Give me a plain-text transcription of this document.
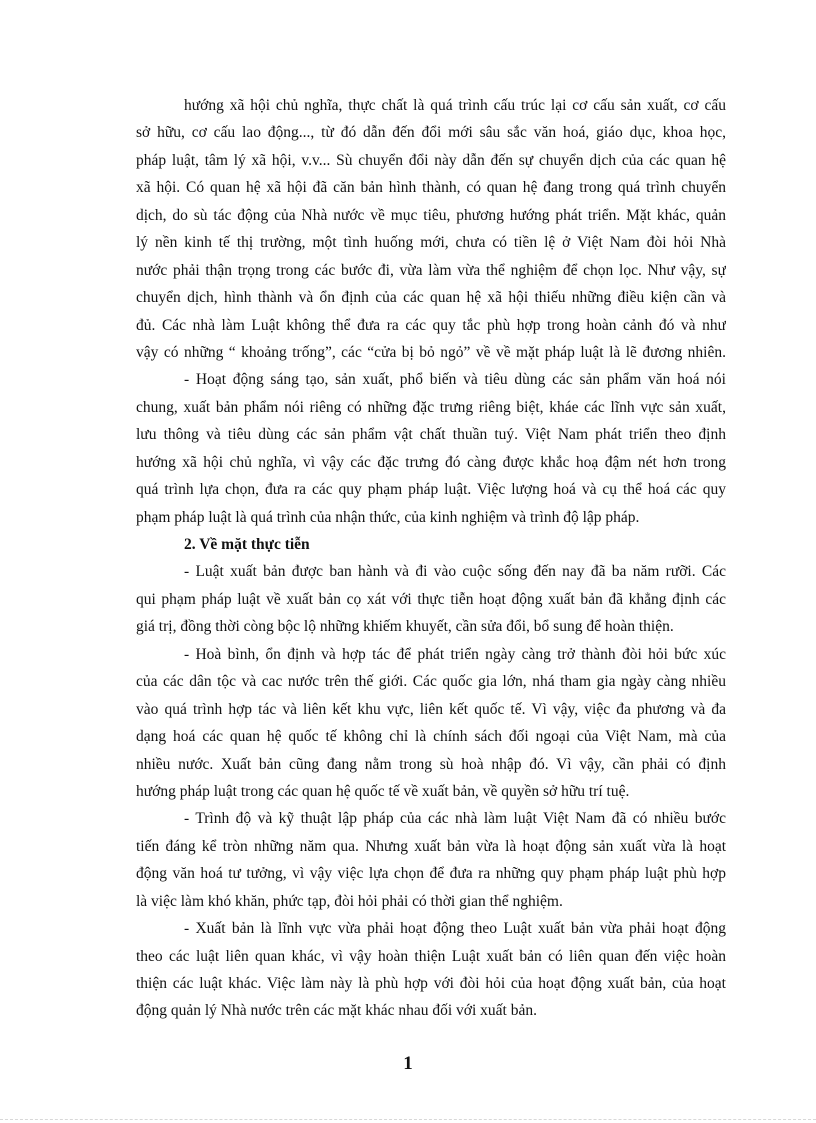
hướng xã hội chủ nghĩa, thực chất là quá trình cấu trúc lại cơ cấu sản xuất, cơ cấu
sở hữu, cơ cấu lao động..., từ đó dẫn đến đổi mới sâu sắc văn hoá, giáo dục, khoa học,
pháp luật, tâm lý xã hội, v.v... Sù chuyển đổi này dẫn đến sự chuyển dịch của các quan hệ
xã hội. Có quan hệ xã hội đã căn bản hình thành, có quan hệ đang trong quá trình chuyển
dịch, do sù tác động của Nhà nước về mục tiêu, phương hướng phát triển. Mặt khác, quản
lý nền kinh tế thị trường, một tình huống mới, chưa có tiền lệ ở Việt Nam đòi hỏi Nhà
nước phải thận trọng trong các bước đi, vừa làm vừa thể nghiệm để chọn lọc. Như vậy, sự
chuyển dịch, hình thành và ổn định của các quan hệ xã hội thiếu những điều kiện cần và
đủ. Các nhà làm Luật không thể đưa ra các quy tắc phù hợp trong hoàn cảnh đó và như
vậy có những “ khoảng trống”, các “cửa bị bỏ ngỏ” về về mặt pháp luật là lẽ đương nhiên.
- Hoạt động sáng tạo, sản xuất, phổ biến và tiêu dùng các sản phẩm văn hoá nói
chung, xuất bản phẩm nói riêng có những đặc trưng riêng biệt, kháe các lĩnh vực sản xuất,
lưu thông và tiêu dùng các sản phẩm vật chất thuần tuý. Việt Nam phát triển theo định
hướng xã hội chủ nghĩa, vì vậy các đặc trưng đó càng được khắc hoạ đậm nét hơn trong
quá trình lựa chọn, đưa ra các quy phạm pháp luật. Việc lượng hoá và cụ thể hoá các quy
phạm pháp luật là quá trình của nhận thức, của kinh nghiệm và trình độ lập pháp.
2. Về mặt thực tiễn
- Luật xuất bản được ban hành và đi vào cuộc sống đến nay đã ba năm rưỡi. Các
qui phạm pháp luật về xuất bản cọ xát với thực tiễn hoạt động xuất bản đã khẳng định các
giá trị, đồng thời còng bộc lộ những khiếm khuyết, cần sửa đổi, bổ sung để hoàn thiện.
- Hoà bình, ổn định và hợp tác để phát triển ngày càng trở thành đòi hỏi bức xúc
của các dân tộc và cac nước trên thế giới. Các quốc gia lớn, nhá tham gia ngày càng nhiều
vào quá trình hợp tác và liên kết khu vực, liên kết quốc tế. Vì vậy, việc đa phương và đa
dạng hoá các quan hệ quốc tế không chỉ là chính sách đối ngoại của Việt Nam, mà của
nhiều nước. Xuất bản cũng đang nằm trong sù hoà nhập đó. Vì vậy, cần phải có định
hướng pháp luật trong các quan hệ quốc tế về xuất bản, về quyền sở hữu trí tuệ.
- Trình độ và kỹ thuật lập pháp của các nhà làm luật Việt Nam đã có nhiều bước
tiến đáng kể tròn những năm qua. Nhưng xuất bản vừa là hoạt động sản xuất vừa là hoạt
động văn hoá tư tưởng, vì vậy việc lựa chọn để đưa ra những quy phạm pháp luật phù hợp
là việc làm khó khăn, phức tạp, đòi hỏi phải có thời gian thể nghiệm.
- Xuất bản là lĩnh vực vừa phải hoạt động theo Luật xuất bản vừa phải hoạt động
theo các luật liên quan khác, vì vậy hoàn thiện Luật xuất bản có liên quan đến việc hoàn
thiện các luật khác. Việc làm này là phù hợp với đòi hỏi của hoạt động xuất bản, của hoạt
động quản lý Nhà nước trên các mặt khác nhau đối với xuất bản.
1
